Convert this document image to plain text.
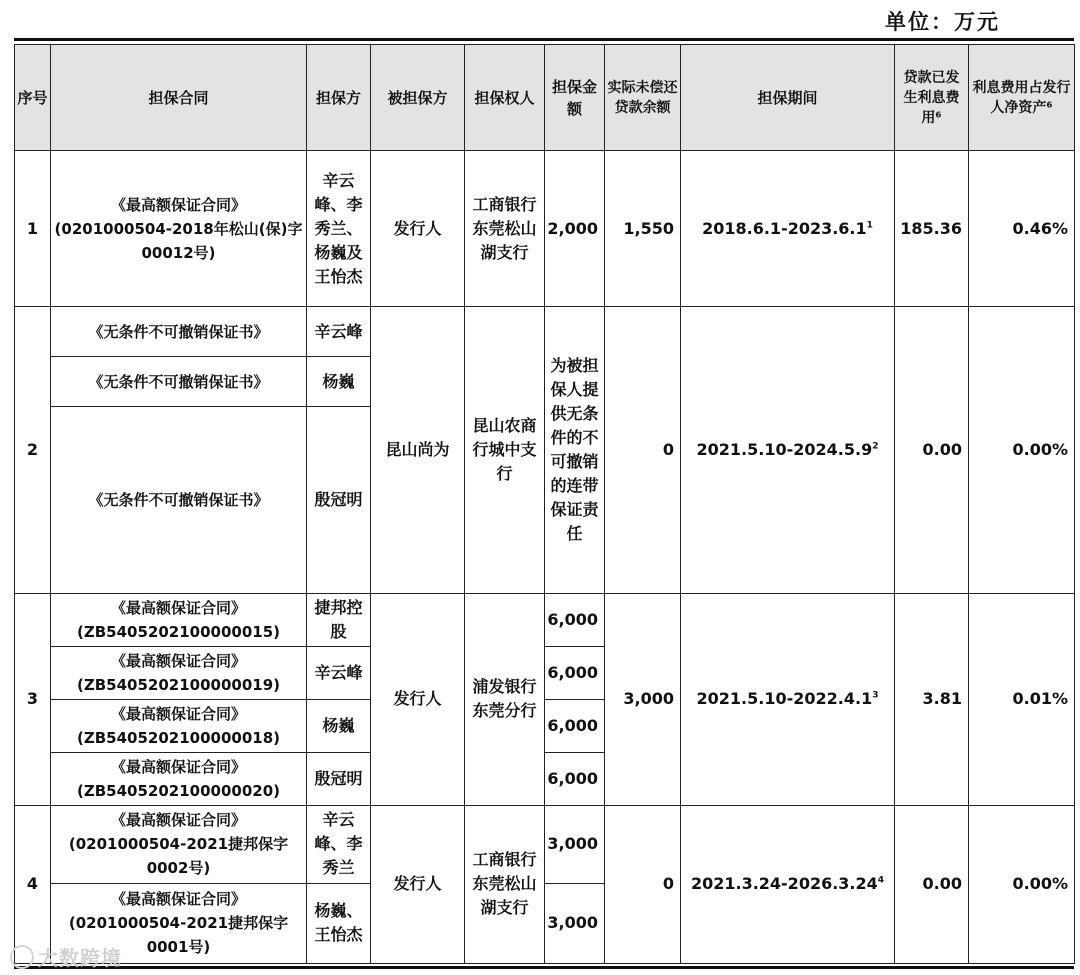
单位：万元
序号	担保合同	担保方	被担保方	担保权人	担保金额	实际未偿还贷款余额	担保期间	贷款已发生利息费用⁶	利息费用占发行人净资产⁶
1	《最高额保证合同》(0201000504-2018年松山(保)字00012号)	辛云峰、李秀兰、杨巍及王怡杰	发行人	工商银行东莞松山湖支行	2,000	1,550	2018.6.1-2023.6.1$^1$	185.36	0.46%
2	《无条件不可撤销保证书》	辛云峰	昆山尚为	昆山农商行城中支行	为被担保人提供无条件的不可撤销的连带保证责任	0	2021.5.10-2024.5.9$^2$	0.00	0.00%
	《无条件不可撤销保证书》	杨巍							
	《无条件不可撤销保证书》	殷冠明							
3	《最高额保证合同》(ZB5405202100000015)	捷邦控股	发行人	浦发银行东莞分行	6,000	3,000	2021.5.10-2022.4.1$^3$	3.81	0.01%
	《最高额保证合同》(ZB5405202100000019)	辛云峰			6,000				
	《最高额保证合同》(ZB5405202100000018)	杨巍			6,000				
	《最高额保证合同》(ZB5405202100000020)	殷冠明			6,000				
4	《最高额保证合同》(0201000504-2021捷邦保字0002号)	辛云峰、李秀兰	发行人	工商银行东莞松山湖支行	3,000	0	2021.3.24-2026.3.24$^4$	0.00	0.00%
	《最高额保证合同》(0201000504-2021捷邦保字0001号)	杨巍、王怡杰			3,000				
大数跨境
